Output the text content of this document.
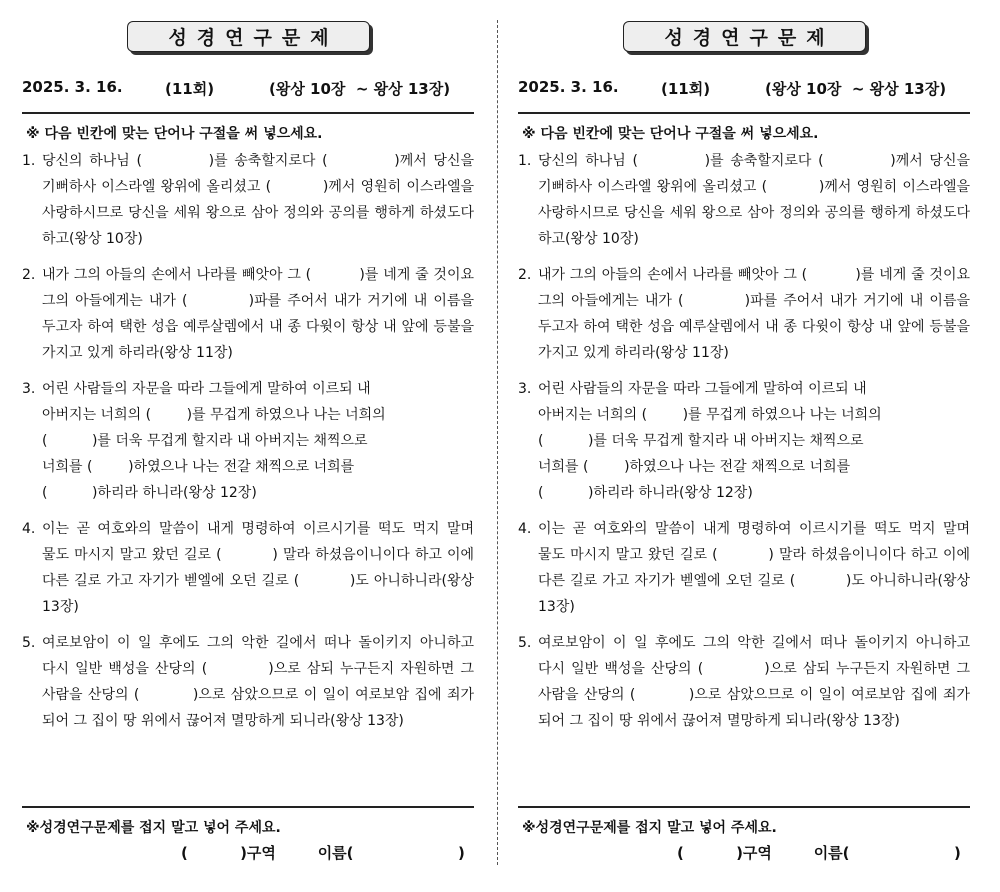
성경연구문제
2025. 3. 16.	(11회)	(왕상 10장  ~ 왕상 13장)
※ 다음 빈칸에 맞는 단어나 구절을 써 넣으세요.
1. 당신의 하나님 (          )를 송축할지로다 (          )께서 당신을 기뻐하사 이스라엘 왕위에 올리셨고 (          )께서 영원히 이스라엘을 사랑하시므로 당신을 세워 왕으로 삼아 정의와 공의를 행하게 하셨도다 하고(왕상 10장)
2. 내가 그의 아들의 손에서 나라를 빼앗아 그 (          )를 네게 줄 것이요 그의 아들에게는 내가 (          )파를 주어서 내가 거기에 내 이름을 두고자 하여 택한 성읍 예루살렘에서 내 종 다윗이 항상 내 앞에 등불을 가지고 있게 하리라(왕상 11장)
3. 어린 사람들의 자문을 따라 그들에게 말하여 이르되 내
아버지는 너희의 (        )를 무겁게 하였으나 나는 너희의
(          )를 더욱 무겁게 할지라 내 아버지는 채찍으로
너희를 (        )하였으나 나는 전갈 채찍으로 너희를
(          )하리라 하니라(왕상 12장)
4. 이는 곧 여호와의 말씀이 내게 명령하여 이르시기를 떡도 먹지 말며 물도 마시지 말고 왔던 길로 (          ) 말라 하셨음이니이다 하고 이에 다른 길로 가고 자기가 벧엘에 오던 길로 (          )도 아니하니라(왕상 13장)
5. 여로보암이 이 일 후에도 그의 악한 길에서 떠나 돌이키지 아니하고 다시 일반 백성을 산당의 (          )으로 삼되 누구든지 자원하면 그 사람을 산당의 (          )으로 삼았으므로 이 일이 여로보암 집에 죄가 되어 그 집이 땅 위에서 끊어져 멸망하게 되니라(왕상 13장)
※성경연구문제를 접지 말고 넣어 주세요.
(          )구역        이름(                    )
성경연구문제
2025. 3. 16.	(11회)	(왕상 10장  ~ 왕상 13장)
※ 다음 빈칸에 맞는 단어나 구절을 써 넣으세요.
1. 당신의 하나님 (          )를 송축할지로다 (          )께서 당신을 기뻐하사 이스라엘 왕위에 올리셨고 (          )께서 영원히 이스라엘을 사랑하시므로 당신을 세워 왕으로 삼아 정의와 공의를 행하게 하셨도다 하고(왕상 10장)
2. 내가 그의 아들의 손에서 나라를 빼앗아 그 (          )를 네게 줄 것이요 그의 아들에게는 내가 (          )파를 주어서 내가 거기에 내 이름을 두고자 하여 택한 성읍 예루살렘에서 내 종 다윗이 항상 내 앞에 등불을 가지고 있게 하리라(왕상 11장)
3. 어린 사람들의 자문을 따라 그들에게 말하여 이르되 내
아버지는 너희의 (        )를 무겁게 하였으나 나는 너희의
(          )를 더욱 무겁게 할지라 내 아버지는 채찍으로
너희를 (        )하였으나 나는 전갈 채찍으로 너희를
(          )하리라 하니라(왕상 12장)
4. 이는 곧 여호와의 말씀이 내게 명령하여 이르시기를 떡도 먹지 말며 물도 마시지 말고 왔던 길로 (          ) 말라 하셨음이니이다 하고 이에 다른 길로 가고 자기가 벧엘에 오던 길로 (          )도 아니하니라(왕상 13장)
5. 여로보암이 이 일 후에도 그의 악한 길에서 떠나 돌이키지 아니하고 다시 일반 백성을 산당의 (          )으로 삼되 누구든지 자원하면 그 사람을 산당의 (          )으로 삼았으므로 이 일이 여로보암 집에 죄가 되어 그 집이 땅 위에서 끊어져 멸망하게 되니라(왕상 13장)
※성경연구문제를 접지 말고 넣어 주세요.
(          )구역        이름(                    )
